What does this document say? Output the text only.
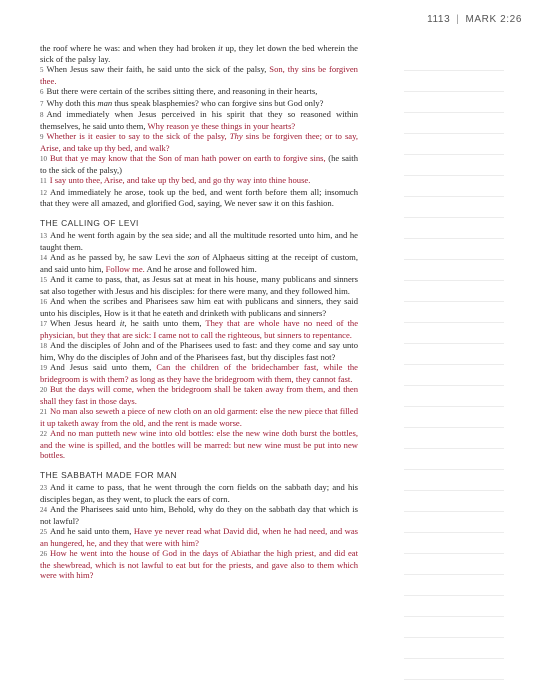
1113 | MARK 2:26

the roof where he was: and when they had broken it up, they let down the bed wherein the sick of the palsy lay.

5 When Jesus saw their faith, he said unto the sick of the palsy, Son, thy sins be forgiven thee.

6 But there were certain of the scribes sitting there, and reasoning in their hearts,

7 Why doth this man thus speak blasphemies? who can forgive sins but God only?

8 And immediately when Jesus perceived in his spirit that they so reasoned within themselves, he said unto them, Why reason ye these things in your hearts?

9 Whether is it easier to say to the sick of the palsy, Thy sins be forgiven thee; or to say, Arise, and take up thy bed, and walk?

10 But that ye may know that the Son of man hath power on earth to forgive sins, (he saith to the sick of the palsy,)

11 I say unto thee, Arise, and take up thy bed, and go thy way into thine house.

12 And immediately he arose, took up the bed, and went forth before them all; insomuch that they were all amazed, and glorified God, saying, We never saw it on this fashion.

THE CALLING OF LEVI

13 And he went forth again by the sea side; and all the multitude resorted unto him, and he taught them.

14 And as he passed by, he saw Levi the son of Alphaeus sitting at the receipt of custom, and said unto him, Follow me. And he arose and followed him.

15 And it came to pass, that, as Jesus sat at meat in his house, many publicans and sinners sat also together with Jesus and his disciples: for there were many, and they followed him.

16 And when the scribes and Pharisees saw him eat with publicans and sinners, they said unto his disciples, How is it that he eateth and drinketh with publicans and sinners?

17 When Jesus heard it, he saith unto them, They that are whole have no need of the physician, but they that are sick: I came not to call the righteous, but sinners to repentance.

18 And the disciples of John and of the Pharisees used to fast: and they come and say unto him, Why do the disciples of John and of the Pharisees fast, but thy disciples fast not?

19 And Jesus said unto them, Can the children of the bridechamber fast, while the bridegroom is with them? as long as they have the bridegroom with them, they cannot fast.

20 But the days will come, when the bridegroom shall be taken away from them, and then shall they fast in those days.

21 No man also seweth a piece of new cloth on an old garment: else the new piece that filled it up taketh away from the old, and the rent is made worse.

22 And no man putteth new wine into old bottles: else the new wine doth burst the bottles, and the wine is spilled, and the bottles will be marred: but new wine must be put into new bottles.

THE SABBATH MADE FOR MAN

23 And it came to pass, that he went through the corn fields on the sabbath day; and his disciples began, as they went, to pluck the ears of corn.

24 And the Pharisees said unto him, Behold, why do they on the sabbath day that which is not lawful?

25 And he said unto them, Have ye never read what David did, when he had need, and was an hungered, he, and they that were with him?

26 How he went into the house of God in the days of Abiathar the high priest, and did eat the shewbread, which is not lawful to eat but for the priests, and gave also to them which were with him?
